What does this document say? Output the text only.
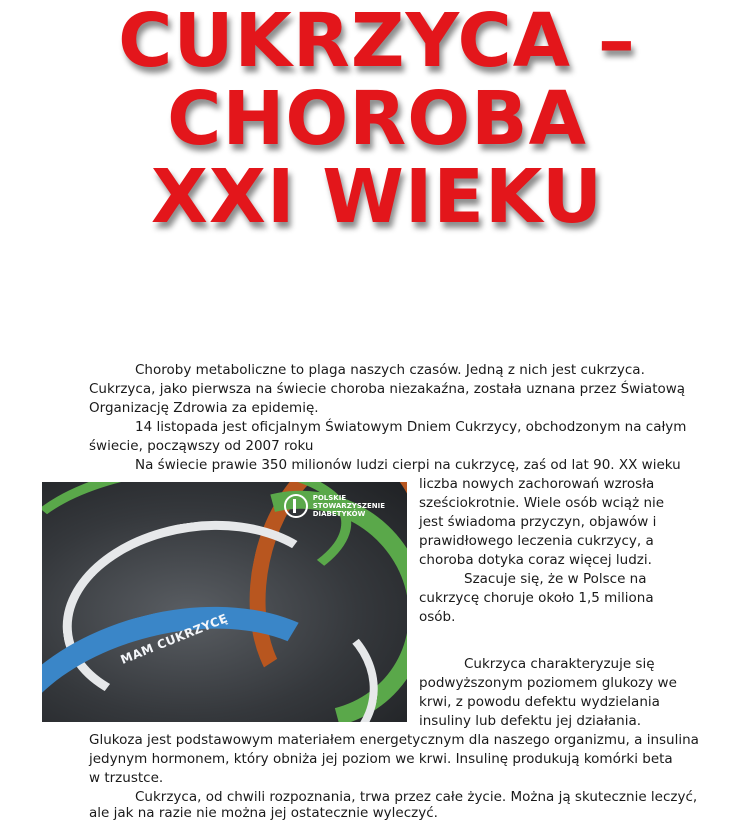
CUKRZYCA –
CHOROBA
XXI WIEKU

Choroby metaboliczne to plaga naszych czasów. Jedną z nich jest cukrzyca.

Cukrzyca, jako pierwsza na świecie choroba niezakaźna, została uznana przez Światową

Organizację Zdrowia za epidemię.

14 listopada jest oficjalnym Światowym Dniem Cukrzycy, obchodzonym na całym

świecie, począwszy od 2007 roku

Na świecie prawie 350 milionów ludzi cierpi na cukrzycę, zaś od lat 90. XX wieku

liczba nowych zachorowań wzrosła

sześciokrotnie. Wiele osób wciąż nie

jest świadoma przyczyn, objawów i

prawidłowego leczenia cukrzycy, a

choroba dotyka coraz więcej ludzi.

Szacuje się, że w Polsce na

cukrzycę choruje około 1,5 miliona

osób.

Cukrzyca charakteryzuje się

podwyższonym poziomem glukozy we

krwi, z powodu defektu wydzielania

insuliny lub defektu jej działania.

Glukoza jest podstawowym materiałem energetycznym dla naszego organizmu, a insulina

jedynym hormonem, który obniża jej poziom we krwi. Insulinę produkują komórki beta

w trzustce.

Cukrzyca, od chwili rozpoznania, trwa przez całe życie. Można ją skutecznie leczyć,

ale jak na razie nie można jej ostatecznie wyleczyć.

MAM CUKRZYCĘ
POLSKIE
STOWARZYSZENIE
DIABETYKÓW
